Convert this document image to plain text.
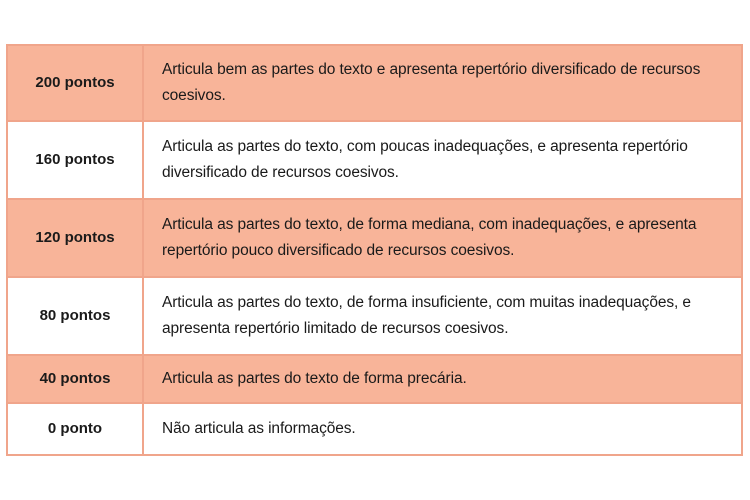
200 pontos	Articula bem as partes do texto e apresenta repertório diversificado de recursos coesivos.
160 pontos	Articula as partes do texto, com poucas inadequações, e apresenta repertório diversificado de recursos coesivos.
120 pontos	Articula as partes do texto, de forma mediana, com inadequações, e apresenta repertório pouco diversificado de recursos coesivos.
80 pontos	Articula as partes do texto, de forma insuficiente, com muitas inadequações, e apresenta repertório limitado de recursos coesivos.
40 pontos	Articula as partes do texto de forma precária.
0 ponto	Não articula as informações.
